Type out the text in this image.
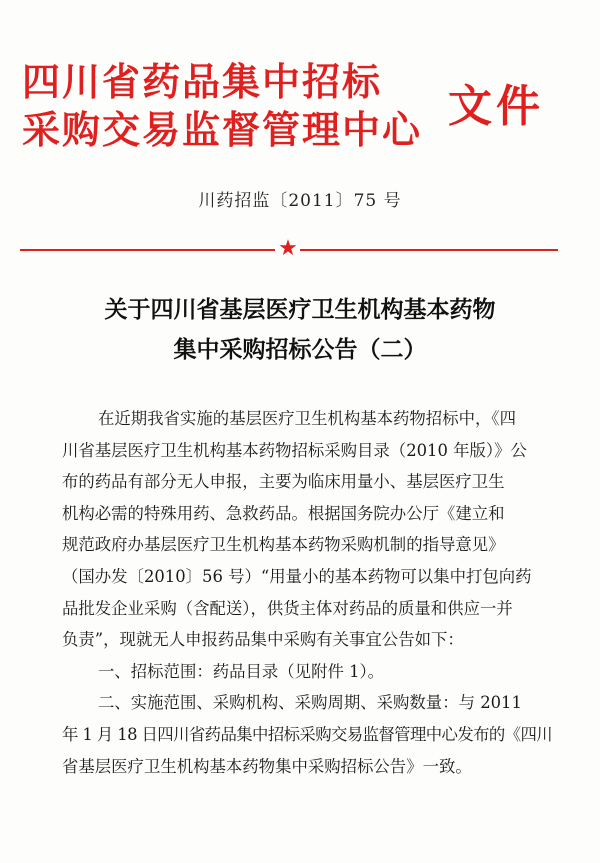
四川省药品集中招标
采购交易监督管理中心 文件
川药招监〔2011〕75 号
★
关于四川省基层医疗卫生机构基本药物
集中采购招标公告（二）
在近期我省实施的基层医疗卫生机构基本药物招标中，《四
川省基层医疗卫生机构基本药物招标采购目录（2010 年版）》公
布的药品有部分无人申报，主要为临床用量小、基层医疗卫生
机构必需的特殊用药、急救药品。根据国务院办公厅《建立和
规范政府办基层医疗卫生机构基本药物采购机制的指导意见》
（国办发〔2010〕56 号）“用量小的基本药物可以集中打包向药
品批发企业采购（含配送），供货主体对药品的质量和供应一并
负责”，现就无人申报药品集中采购有关事宜公告如下：
一、招标范围：药品目录（见附件 1）。
二、实施范围、采购机构、采购周期、采购数量：与 2011
年 1 月 18 日四川省药品集中招标采购交易监督管理中心发布的《四川
省基层医疗卫生机构基本药物集中采购招标公告》一致。
